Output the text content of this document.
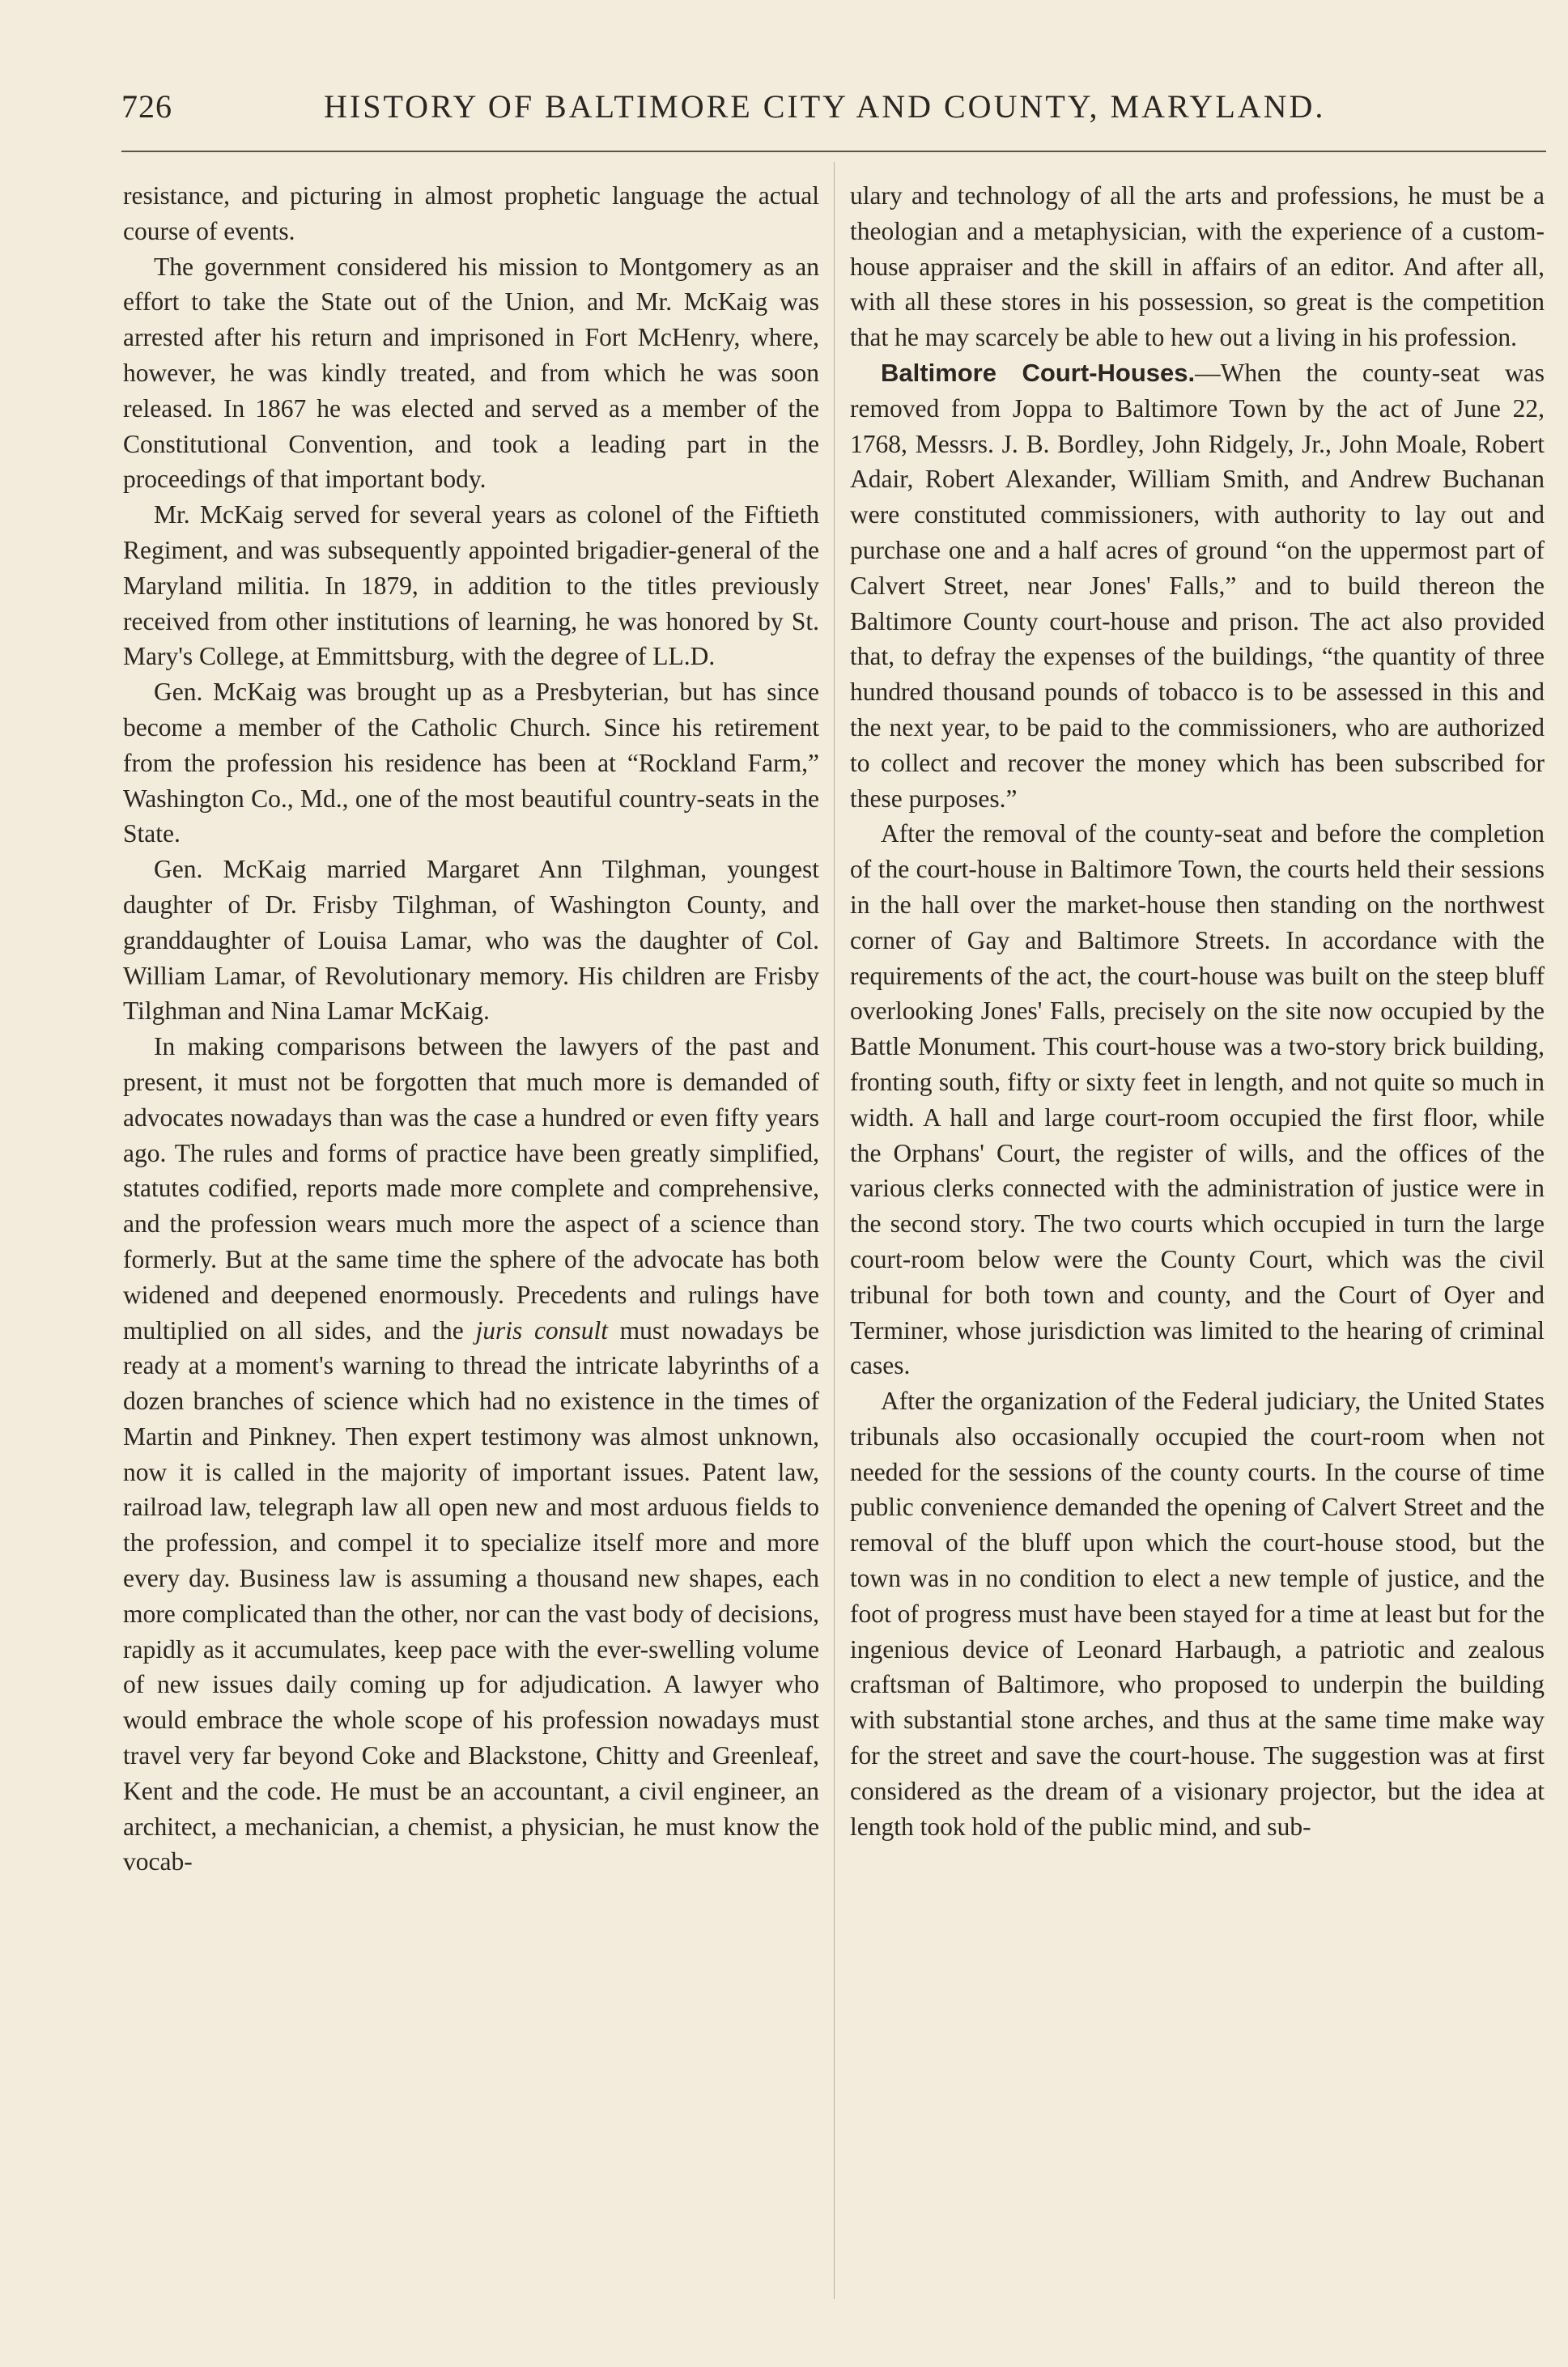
726	HISTORY OF BALTIMORE CITY AND COUNTY, MARYLAND.

resistance, and picturing in almost prophetic language the actual course of events.

The government considered his mission to Montgomery as an effort to take the State out of the Union, and Mr. McKaig was arrested after his return and imprisoned in Fort McHenry, where, however, he was kindly treated, and from which he was soon released. In 1867 he was elected and served as a member of the Constitutional Convention, and took a leading part in the proceedings of that important body.

Mr. McKaig served for several years as colonel of the Fiftieth Regiment, and was subsequently appointed brigadier-general of the Maryland militia. In 1879, in addition to the titles previously received from other institutions of learning, he was honored by St. Mary's College, at Emmittsburg, with the degree of LL.D.

Gen. McKaig was brought up as a Presbyterian, but has since become a member of the Catholic Church. Since his retirement from the profession his residence has been at “Rockland Farm,” Washington Co., Md., one of the most beautiful country-seats in the State.

Gen. McKaig married Margaret Ann Tilghman, youngest daughter of Dr. Frisby Tilghman, of Washington County, and granddaughter of Louisa Lamar, who was the daughter of Col. William Lamar, of Revolutionary memory. His children are Frisby Tilghman and Nina Lamar McKaig.

In making comparisons between the lawyers of the past and present, it must not be forgotten that much more is demanded of advocates nowadays than was the case a hundred or even fifty years ago. The rules and forms of practice have been greatly simplified, statutes codified, reports made more complete and comprehensive, and the profession wears much more the aspect of a science than formerly. But at the same time the sphere of the advocate has both widened and deepened enormously. Precedents and rulings have multiplied on all sides, and the juris consult must nowadays be ready at a moment's warning to thread the intricate labyrinths of a dozen branches of science which had no existence in the times of Martin and Pinkney. Then expert testimony was almost unknown, now it is called in the majority of important issues. Patent law, railroad law, telegraph law all open new and most arduous fields to the profession, and compel it to specialize itself more and more every day. Business law is assuming a thousand new shapes, each more complicated than the other, nor can the vast body of decisions, rapidly as it accumulates, keep pace with the ever-swelling volume of new issues daily coming up for adjudication. A lawyer who would embrace the whole scope of his profession nowadays must travel very far beyond Coke and Blackstone, Chitty and Greenleaf, Kent and the code. He must be an accountant, a civil engineer, an architect, a mechanician, a chemist, a physician, he must know the vocab-

ulary and technology of all the arts and professions, he must be a theologian and a metaphysician, with the experience of a custom-house appraiser and the skill in affairs of an editor. And after all, with all these stores in his possession, so great is the competition that he may scarcely be able to hew out a living in his profession.

Baltimore Court-Houses.—When the county-seat was removed from Joppa to Baltimore Town by the act of June 22, 1768, Messrs. J. B. Bordley, John Ridgely, Jr., John Moale, Robert Adair, Robert Alexander, William Smith, and Andrew Buchanan were constituted commissioners, with authority to lay out and purchase one and a half acres of ground “on the uppermost part of Calvert Street, near Jones' Falls,” and to build thereon the Baltimore County court-house and prison. The act also provided that, to defray the expenses of the buildings, “the quantity of three hundred thousand pounds of tobacco is to be assessed in this and the next year, to be paid to the commissioners, who are authorized to collect and recover the money which has been subscribed for these purposes.”

After the removal of the county-seat and before the completion of the court-house in Baltimore Town, the courts held their sessions in the hall over the market-house then standing on the northwest corner of Gay and Baltimore Streets. In accordance with the requirements of the act, the court-house was built on the steep bluff overlooking Jones' Falls, precisely on the site now occupied by the Battle Monument. This court-house was a two-story brick building, fronting south, fifty or sixty feet in length, and not quite so much in width. A hall and large court-room occupied the first floor, while the Orphans' Court, the register of wills, and the offices of the various clerks connected with the administration of justice were in the second story. The two courts which occupied in turn the large court-room below were the County Court, which was the civil tribunal for both town and county, and the Court of Oyer and Terminer, whose jurisdiction was limited to the hearing of criminal cases.

After the organization of the Federal judiciary, the United States tribunals also occasionally occupied the court-room when not needed for the sessions of the county courts. In the course of time public convenience demanded the opening of Calvert Street and the removal of the bluff upon which the court-house stood, but the town was in no condition to elect a new temple of justice, and the foot of progress must have been stayed for a time at least but for the ingenious device of Leonard Harbaugh, a patriotic and zealous craftsman of Baltimore, who proposed to underpin the building with substantial stone arches, and thus at the same time make way for the street and save the court-house. The suggestion was at first considered as the dream of a visionary projector, but the idea at length took hold of the public mind, and sub-
